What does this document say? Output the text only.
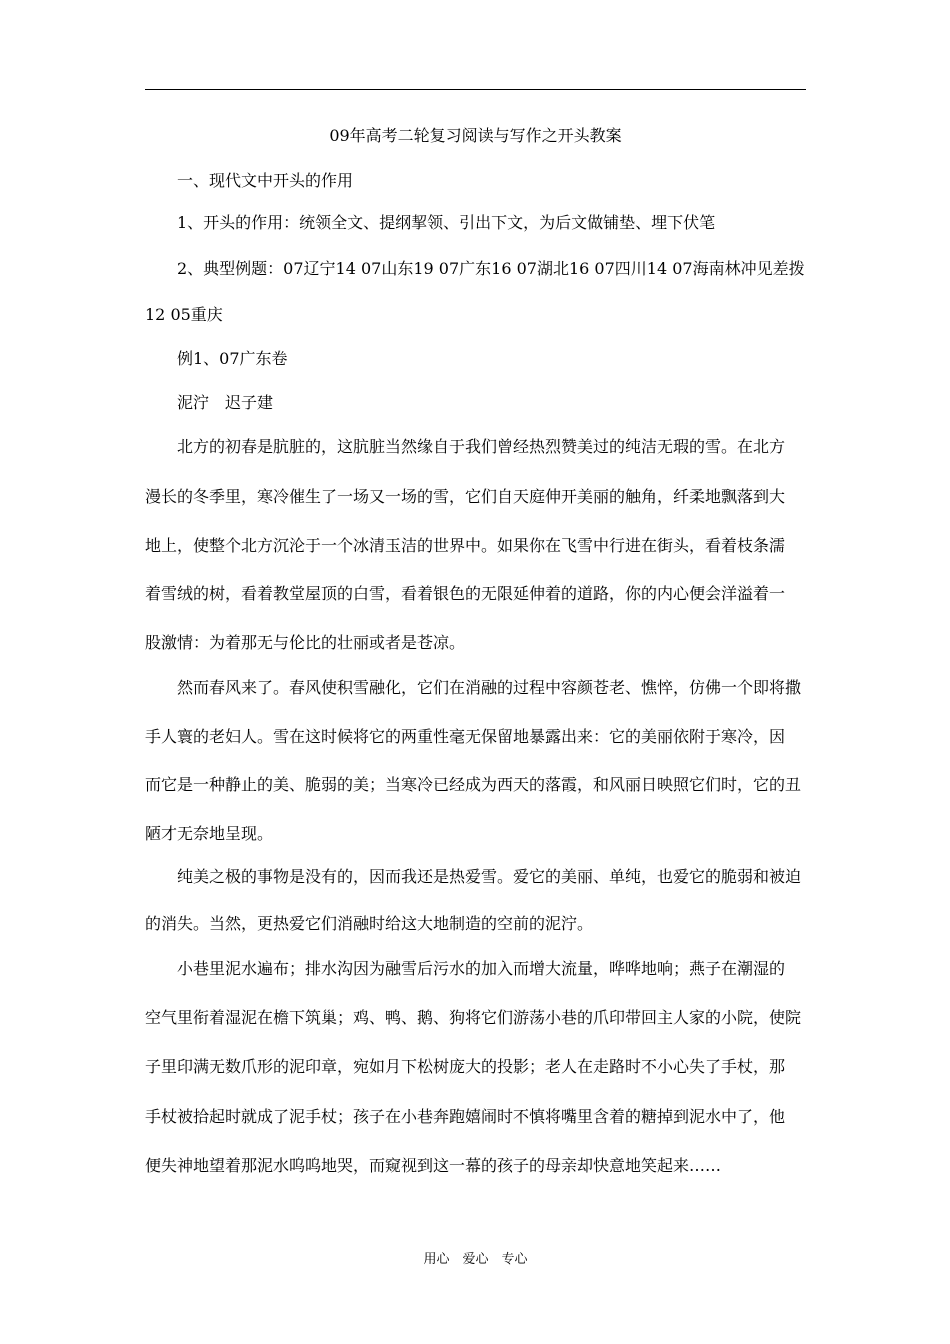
09年高考二轮复习阅读与写作之开头教案
一、现代文中开头的作用
1、开头的作用：统领全文、提纲挈领、引出下文，为后文做铺垫、埋下伏笔
2、典型例题：07辽宁14 07山东19 07广东16 07湖北16 07四川14 07海南林冲见差拨
12 05重庆
例1、07广东卷
泥泞　迟子建
北方的初春是肮脏的，这肮脏当然缘自于我们曾经热烈赞美过的纯洁无瑕的雪。在北方
漫长的冬季里，寒冷催生了一场又一场的雪，它们自天庭伸开美丽的触角，纤柔地飘落到大
地上，使整个北方沉沦于一个冰清玉洁的世界中。如果你在飞雪中行进在街头，看着枝条濡
着雪绒的树，看着教堂屋顶的白雪，看着银色的无限延伸着的道路，你的内心便会洋溢着一
股激情：为着那无与伦比的壮丽或者是苍凉。
然而春风来了。春风使积雪融化，它们在消融的过程中容颜苍老、憔悴，仿佛一个即将撒
手人寰的老妇人。雪在这时候将它的两重性毫无保留地暴露出来：它的美丽依附于寒冷，因
而它是一种静止的美、脆弱的美；当寒冷已经成为西天的落霞，和风丽日映照它们时，它的丑
陋才无奈地呈现。
纯美之极的事物是没有的，因而我还是热爱雪。爱它的美丽、单纯，也爱它的脆弱和被迫
的消失。当然，更热爱它们消融时给这大地制造的空前的泥泞。
小巷里泥水遍布；排水沟因为融雪后污水的加入而增大流量，哗哗地响；燕子在潮湿的
空气里衔着湿泥在檐下筑巢；鸡、鸭、鹅、狗将它们游荡小巷的爪印带回主人家的小院，使院
子里印满无数爪形的泥印章，宛如月下松树庞大的投影；老人在走路时不小心失了手杖，那
手杖被拾起时就成了泥手杖；孩子在小巷奔跑嬉闹时不慎将嘴里含着的糖掉到泥水中了，他
便失神地望着那泥水呜呜地哭，而窥视到这一幕的孩子的母亲却快意地笑起来……
用心　爱心　专心
